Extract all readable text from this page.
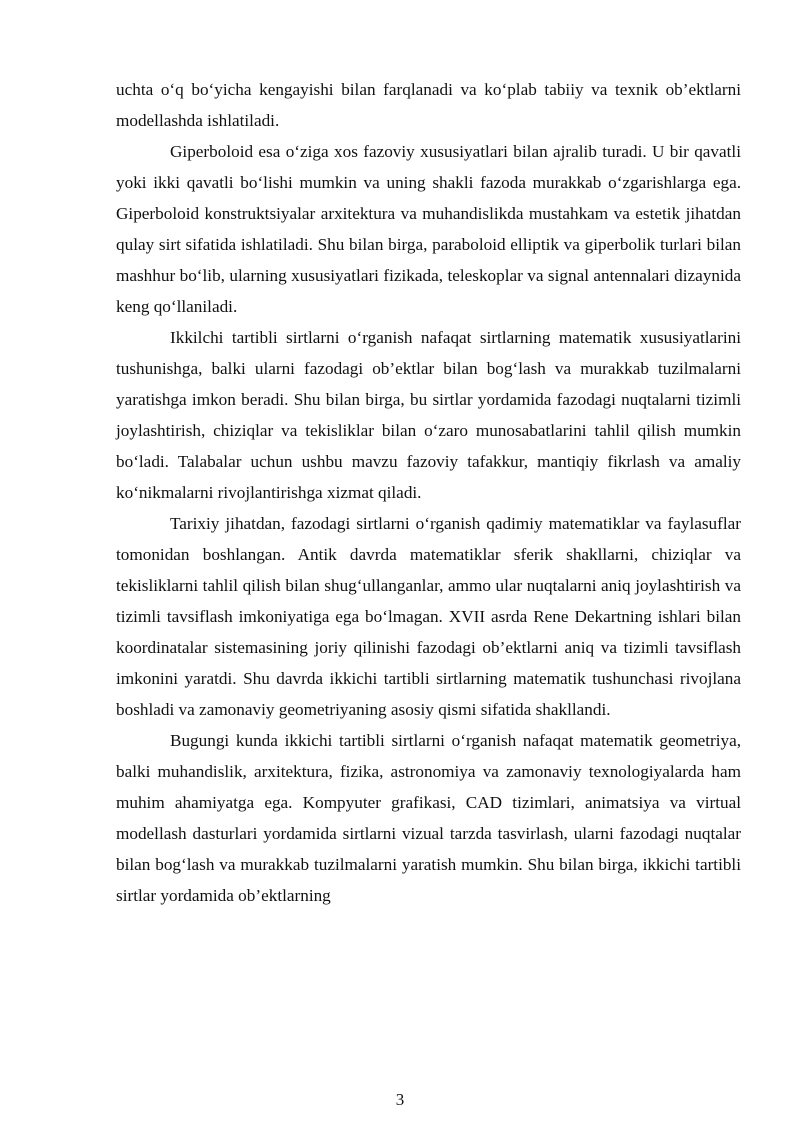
uchta o‘q bo‘yicha kengayishi bilan farqlanadi va ko‘plab tabiiy va texnik ob’ektlarni modellashda ishlatiladi.

Giperboloid esa o‘ziga xos fazoviy xususiyatlari bilan ajralib turadi. U bir qavatli yoki ikki qavatli bo‘lishi mumkin va uning shakli fazoda murakkab o‘zgarishlarga ega. Giperboloid konstruktsiyalar arxitektura va muhandislikda mustahkam va estetik jihatdan qulay sirt sifatida ishlatiladi. Shu bilan birga, paraboloid elliptik va giperbolik turlari bilan mashhur bo‘lib, ularning xususiyatlari fizikada, teleskoplar va signal antennalari dizaynida keng qo‘llaniladi.

Ikkilchi tartibli sirtlarni o‘rganish nafaqat sirtlarning matematik xususiyatlarini tushunishga, balki ularni fazodagi ob’ektlar bilan bog‘lash va murakkab tuzilmalarni yaratishga imkon beradi. Shu bilan birga, bu sirtlar yordamida fazodagi nuqtalarni tizimli joylashtirish, chiziqlar va tekisliklar bilan o‘zaro munosabatlarini tahlil qilish mumkin bo‘ladi. Talabalar uchun ushbu mavzu fazoviy tafakkur, mantiqiy fikrlash va amaliy ko‘nikmalarni rivojlantirishga xizmat qiladi.

Tarixiy jihatdan, fazodagi sirtlarni o‘rganish qadimiy matematiklar va faylasuflar tomonidan boshlangan. Antik davrda matematiklar sferik shakllarni, chiziqlar va tekisliklarni tahlil qilish bilan shug‘ullanganlar, ammo ular nuqtalarni aniq joylashtirish va tizimli tavsiflash imkoniyatiga ega bo‘lmagan. XVII asrda Rene Dekartning ishlari bilan koordinatalar sistemasining joriy qilinishi fazodagi ob’ektlarni aniq va tizimli tavsiflash imkonini yaratdi. Shu davrda ikkichi tartibli sirtlarning matematik tushunchasi rivojlana boshladi va zamonaviy geometriyaning asosiy qismi sifatida shakllandi.

Bugungi kunda ikkichi tartibli sirtlarni o‘rganish nafaqat matematik geometriya, balki muhandislik, arxitektura, fizika, astronomiya va zamonaviy texnologiyalarda ham muhim ahamiyatga ega. Kompyuter grafikasi, CAD tizimlari, animatsiya va virtual modellash dasturlari yordamida sirtlarni vizual tarzda tasvirlash, ularni fazodagi nuqtalar bilan bog‘lash va murakkab tuzilmalarni yaratish mumkin. Shu bilan birga, ikkichi tartibli sirtlar yordamida ob’ektlarning

3
